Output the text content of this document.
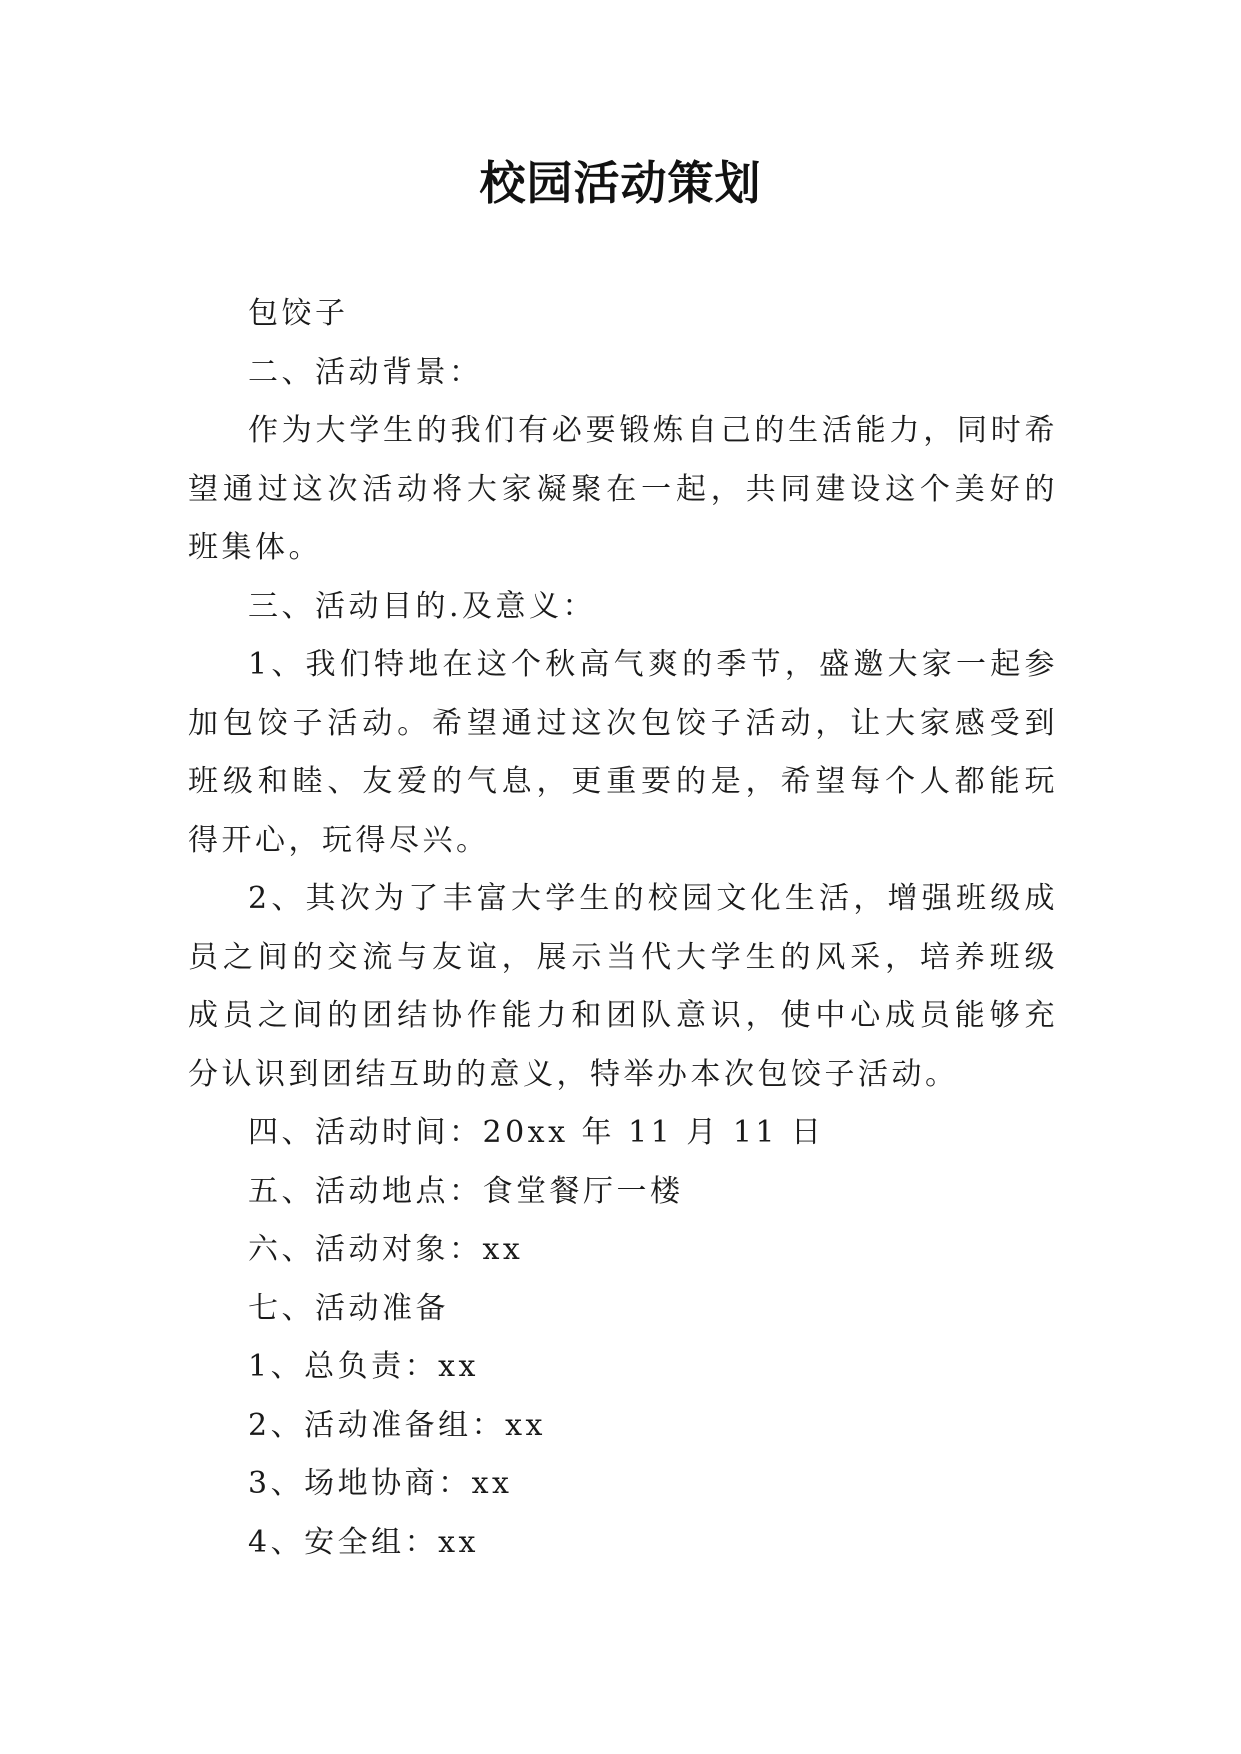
校园活动策划

包饺子

二、活动背景：

作为大学生的我们有必要锻炼自己的生活能力，同时希望通过这次活动将大家凝聚在一起，共同建设这个美好的班集体。

三、活动目的.及意义：

1、我们特地在这个秋高气爽的季节，盛邀大家一起参加包饺子活动。希望通过这次包饺子活动，让大家感受到班级和睦、友爱的气息，更重要的是，希望每个人都能玩得开心，玩得尽兴。

2、其次为了丰富大学生的校园文化生活，增强班级成员之间的交流与友谊，展示当代大学生的风采，培养班级成员之间的团结协作能力和团队意识，使中心成员能够充分认识到团结互助的意义，特举办本次包饺子活动。

四、活动时间：20xx 年 11 月 11 日

五、活动地点：食堂餐厅一楼

六、活动对象：xx

七、活动准备

1、总负责：xx

2、活动准备组：xx

3、场地协商：xx

4、安全组：xx
